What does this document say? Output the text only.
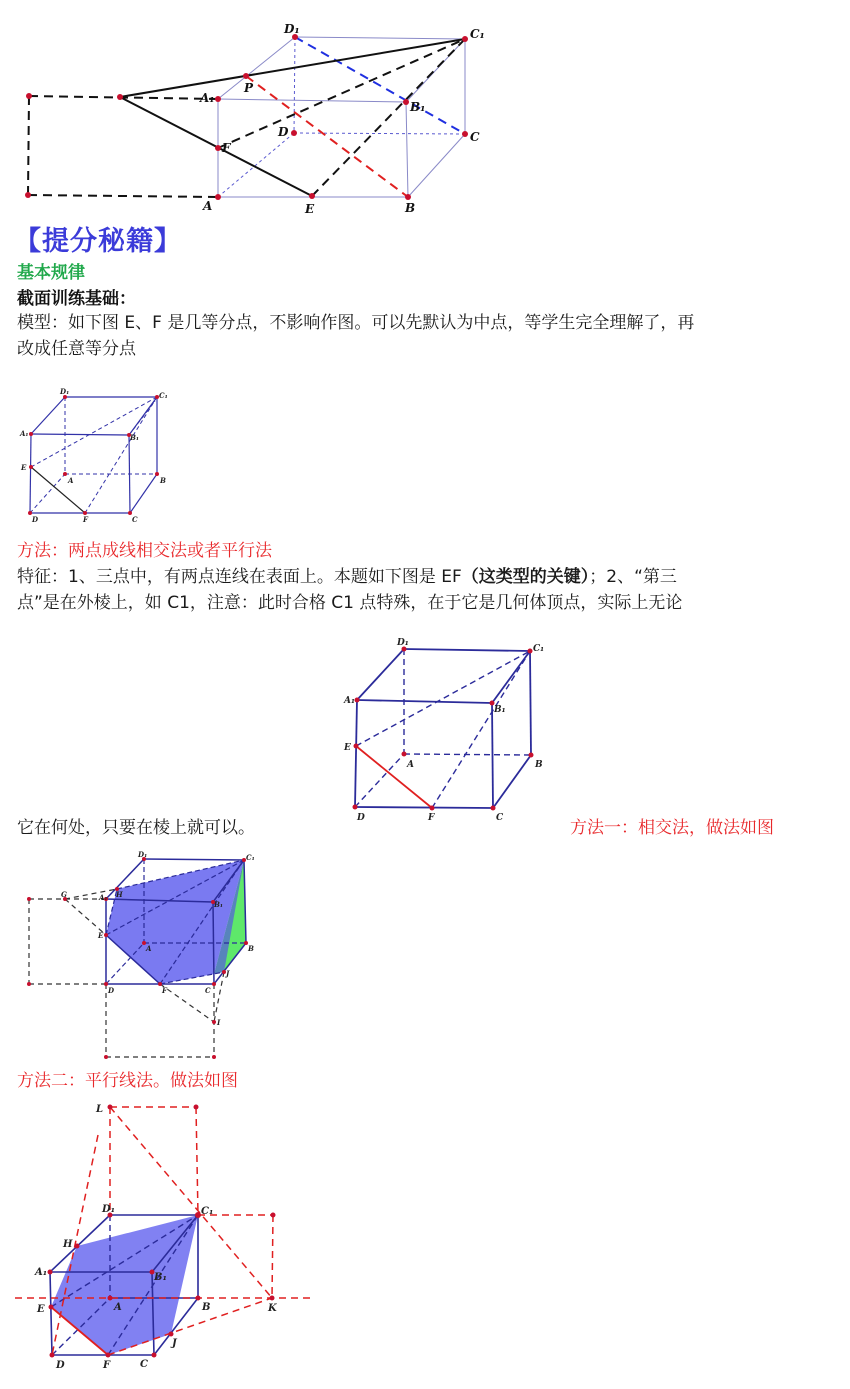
D₁	C₁
A₁
B₁
P
D	C
F
A	E	B
【提分秘籍】
基本规律
截面训练基础：
模型：如下图 E、F 是几等分点，不影响作图。可以先默认为中点，等学生完全理解了，再
改成任意等分点
D₁	C₁
A₁	B₁
E
A	B
D	F	C
方法：两点成线相交法或者平行法
特征：1、三点中，有两点连线在表面上。本题如下图是 EF（这类型的关键）；2、“第三
点”是在外棱上，如 C1，注意：此时合格 C1 点特殊，在于它是几何体顶点，实际上无论
D₁
C₁
A₁
B₁
E
A	B
D	F	C
它在何处，只要在棱上就可以。	方法一：相交法，做法如图
D₁	C₁
G	A₁ H
B₁
E
A	B
J
D	F	C
I
方法二：平行线法。做法如图
L
D₁	C₁
H
A₁	B₁
E	A	B	K
J
D	F	C
